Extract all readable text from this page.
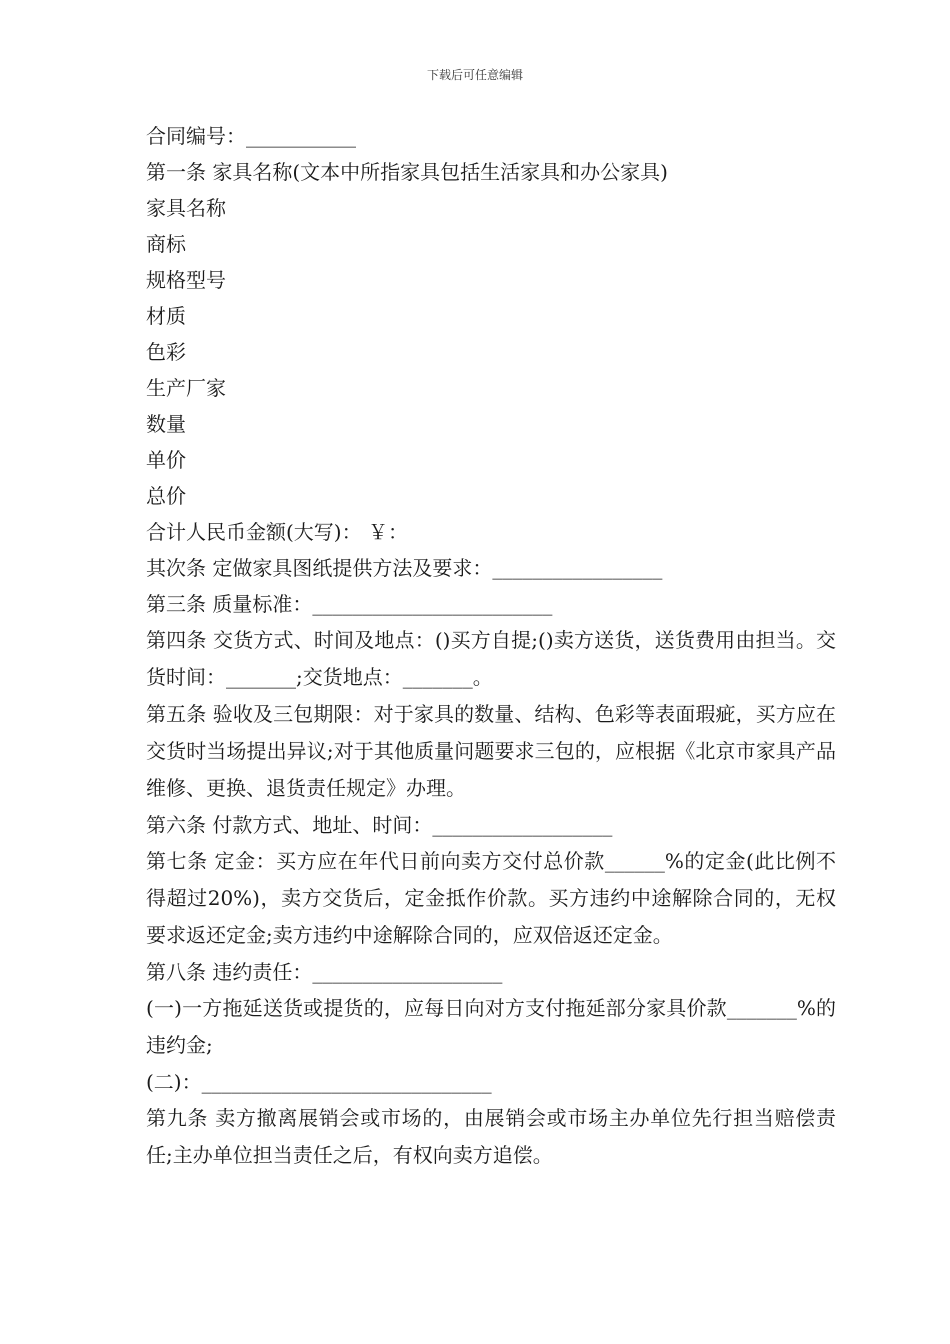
下载后可任意编辑
合同编号：___________
第一条 家具名称(文本中所指家具包括生活家具和办公家具)
家具名称
商标
规格型号
材质
色彩
生产厂家
数量
单价
总价
合计人民币金额(大写)： ￥：
其次条 定做家具图纸提供方法及要求：_________________
第三条 质量标准：________________________
第四条 交货方式、时间及地点：()买方自提;()卖方送货，送货费用由担当。交货时间：_______;交货地点：_______。
第五条 验收及三包期限：对于家具的数量、结构、色彩等表面瑕疵，买方应在交货时当场提出异议;对于其他质量问题要求三包的，应根据《北京市家具产品维修、更换、退货责任规定》办理。
第六条 付款方式、地址、时间：__________________
第七条 定金：买方应在年代日前向卖方交付总价款______%的定金(此比例不得超过20%)，卖方交货后，定金抵作价款。买方违约中途解除合同的，无权要求返还定金;卖方违约中途解除合同的，应双倍返还定金。
第八条 违约责任：___________________
(一)一方拖延送货或提货的，应每日向对方支付拖延部分家具价款_______%的违约金;
(二)：_____________________________
第九条 卖方撤离展销会或市场的，由展销会或市场主办单位先行担当赔偿责任;主办单位担当责任之后，有权向卖方追偿。
